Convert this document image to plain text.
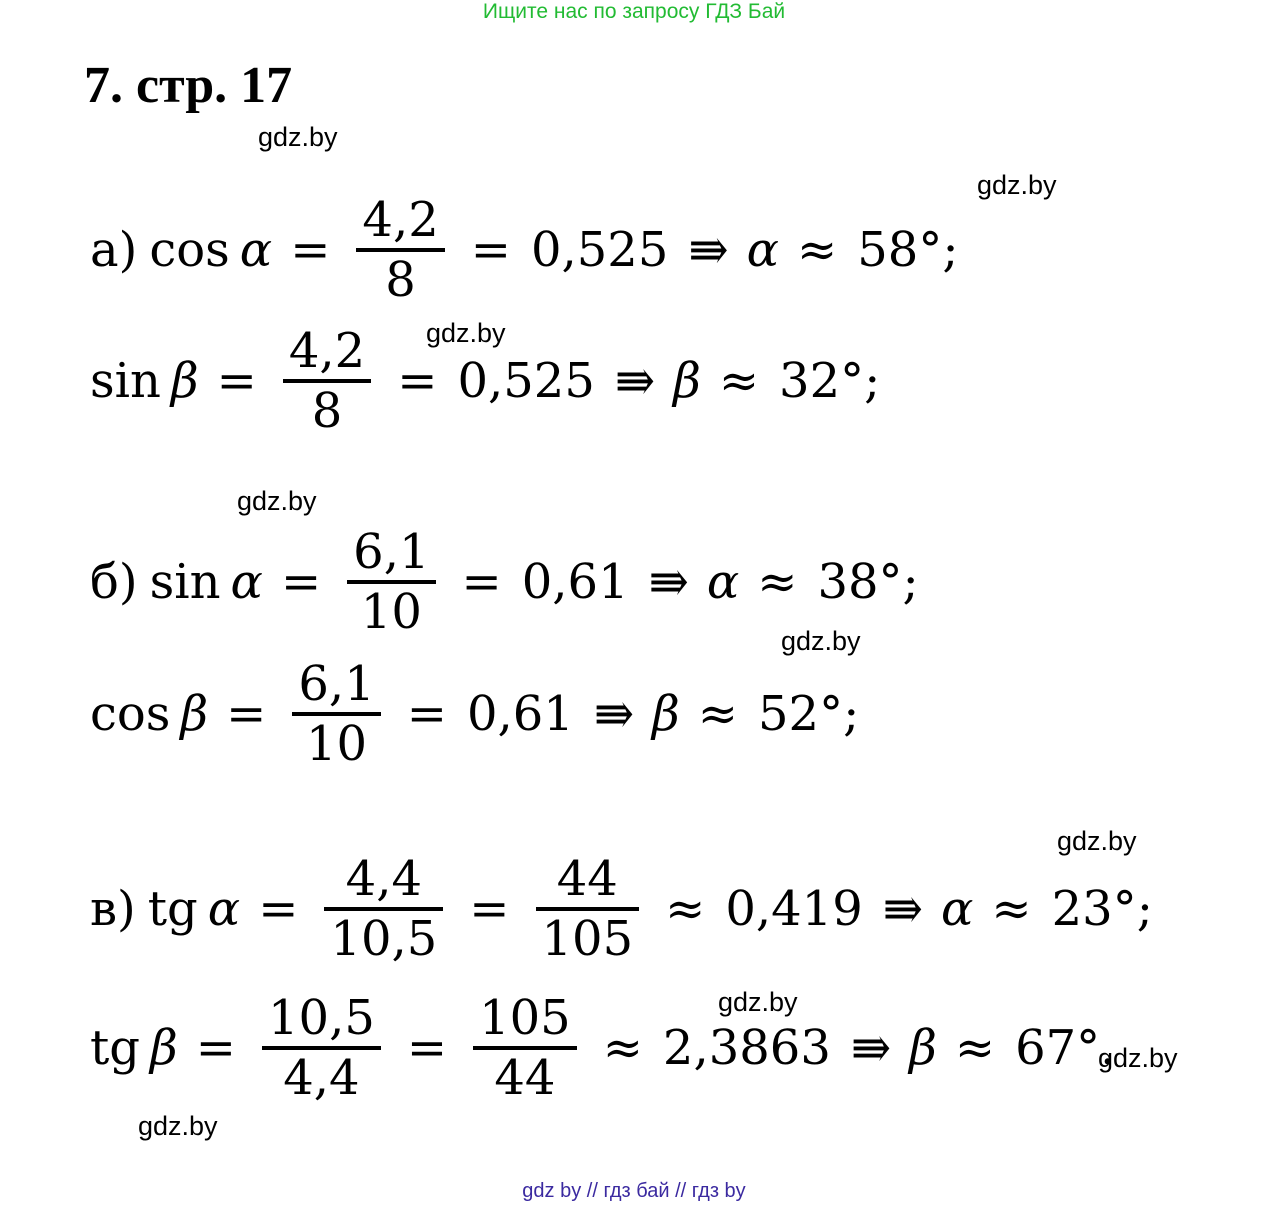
Ищите нас по запросу ГДЗ Бай
7. стр. 17
gdz.by
gdz.by
gdz.by
gdz.by
gdz.by
gdz.by
gdz.by
gdz.by
gdz.by
а) $\cos \alpha = \frac{4,2}{8} = 0,525$ ⇛ α ≈ 58°;
$\sin \beta = \frac{4,2}{8} = 0,525$ ⇛ β ≈ 32°;
б) $\sin \alpha = \frac{6,1}{10} = 0,61$ ⇛ α ≈ 38°;
$\cos \beta = \frac{6,1}{10} = 0,61$ ⇛ β ≈ 52°;
в) tg $\alpha = \frac{4,4}{10,5} = \frac{44}{105} \approx 0,419$ ⇛ α ≈ 23°;
tg $\beta = \frac{10,5}{4,4} = \frac{105}{44} \approx 2,3863$ ⇛ β ≈ 67°.
gdz by // гдз бай // гдз by
